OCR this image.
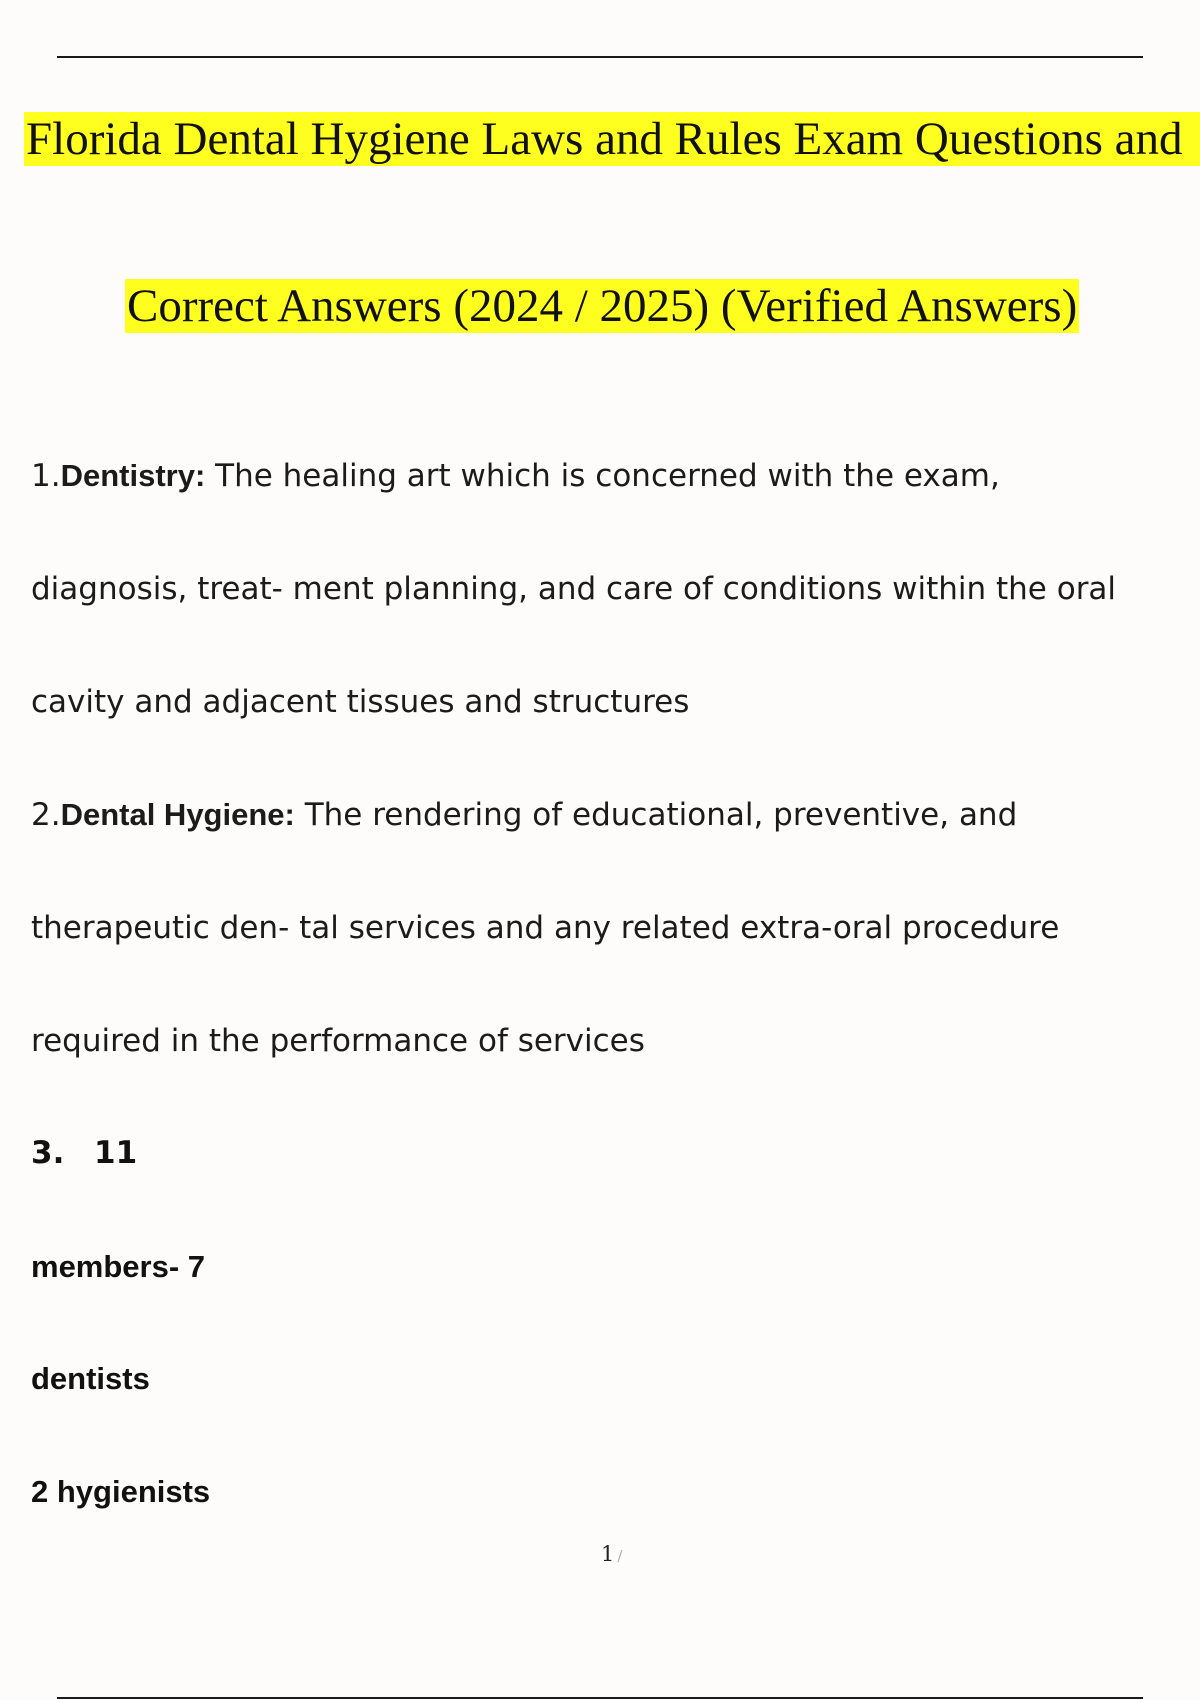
Florida Dental Hygiene Laws and Rules Exam Questions and
Correct Answers (2024 / 2025) (Verified Answers)
1.Dentistry: The healing art which is concerned with the exam,
diagnosis, treat- ment planning, and care of conditions within the oral
cavity and adjacent tissues and structures
2.Dental Hygiene: The rendering of educational, preventive, and
therapeutic den- tal services and any related extra-oral procedure
required in the performance of services
3. 11
members- 7
dentists
2 hygienists
1 /
